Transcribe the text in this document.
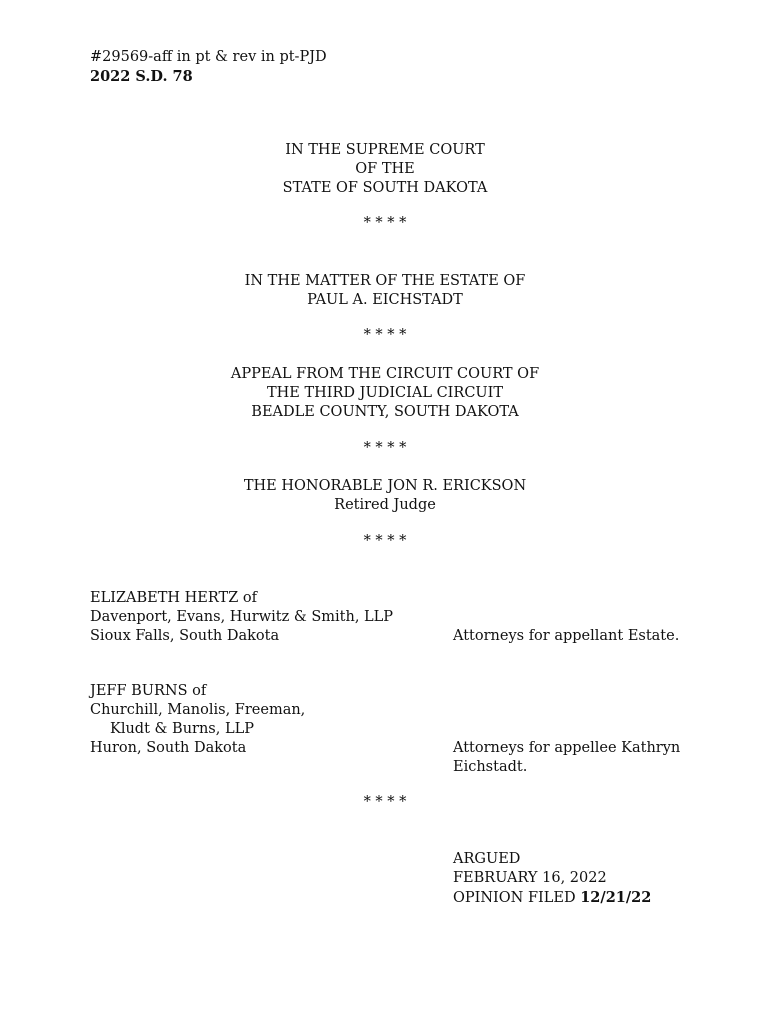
#29569-aff in pt & rev in pt-PJD

2022 S.D. 78

IN THE SUPREME COURT

OF THE

STATE OF SOUTH DAKOTA

* * * *

IN THE MATTER OF THE ESTATE OF

PAUL A. EICHSTADT

* * * *

APPEAL FROM THE CIRCUIT COURT OF

THE THIRD JUDICIAL CIRCUIT

BEADLE COUNTY, SOUTH DAKOTA

* * * *

THE HONORABLE JON R. ERICKSON

Retired Judge

* * * *

ELIZABETH HERTZ of

Davenport, Evans, Hurwitz & Smith, LLP

Sioux Falls, South Dakota	Attorneys for appellant Estate.

JEFF BURNS of

Churchill, Manolis, Freeman,

Kludt & Burns, LLP

Huron, South Dakota	Attorneys for appellee Kathryn

Eichstadt.

* * * *

ARGUED

FEBRUARY 16, 2022

OPINION FILED 12/21/22
